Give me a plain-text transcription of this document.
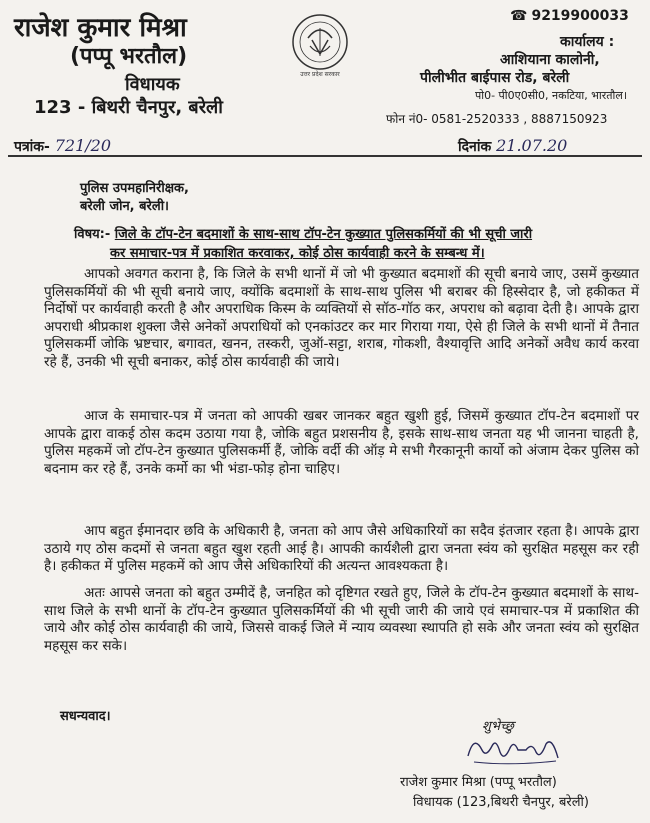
राजेश कुमार मिश्रा
(पप्पू भरतौल)
विधायक
123 - बिथरी चैनपुर, बरेली
उत्तर प्रदेश सरकार
☎ 9219900033
कार्यालय :
आशियाना कालोनी,
पीलीभीत बाईपास रोड, बरेली
पो0- पी0ए0सी0, नकटिया, भारतौल।
फोन नं0- 0581-2520333 , 8887150923
पत्रांक- 721/20	दिनांक 21.07.20
पुलिस उपमहानिरीक्षक,
बरेली जोन, बरेली।
विषय:- जिले के टॉप-टेन बदमाशों के साथ-साथ टॉप-टेन कुख्यात पुलिसकर्मियों की भी सूची जारी
कर समाचार-पत्र में प्रकाशित करवाकर, कोई ठोस कार्यवाही करने के सम्बन्ध में।

आपको अवगत कराना है, कि जिले के सभी थानों में जो भी कुख्यात बदमाशों की सूची बनाये जाए, उसमें कुख्यात पुलिसकर्मियों की भी सूची बनाये जाए, क्योंकि बदमाशों के साथ-साथ पुलिस भी बराबर की हिस्सेदार है, जो हकीकत में निर्दोषों पर कार्यवाही करती है और अपराधिक किस्म के व्यक्तियों से सॉठ-गॉठ कर, अपराध को बढ़ावा देती है। आपके द्वारा अपराधी श्रीप्रकाश शुक्ला जैसे अनेकों अपराधियों को एनकांउटर कर मार गिराया गया, ऐसे ही जिले के सभी थानों में तैनात पुलिसकर्मी जोकि भ्रष्टचार, बगावत, खनन, तस्करी, जुऑ-सट्टा, शराब, गोकशी, वैश्यावृत्ति आदि अनेकों अवैध कार्य करवा रहे हैं, उनकी भी सूची बनाकर, कोई ठोस कार्यवाही की जाये।

आज के समाचार-पत्र में जनता को आपकी खबर जानकर बहुत खुशी हुई, जिसमें कुख्यात टॉप-टेन बदमाशों पर आपके द्वारा वाकई ठोस कदम उठाया गया है, जोकि बहुत प्रशसनीय है, इसके साथ-साथ जनता यह भी जानना चाहती है, पुलिस महकमें जो टॉप-टेन कुख्यात पुलिसकर्मी हैं, जोकि वर्दी की ऑड़ मे सभी गैरकानूनी कार्यो को अंजाम देकर पुलिस को बदनाम कर रहे हैं, उनके कर्मो का भी भंडा-फोड़ होना चाहिए।

आप बहुत ईमानदार छवि के अधिकारी है, जनता को आप जैसे अधिकारियों का सदैव इंतजार रहता है। आपके द्वारा उठाये गए ठोस कदमों से जनता बहुत खुश रहती आई है। आपकी कार्यशैली द्वारा जनता स्वंय को सुरक्षित महसूस कर रही है। हकीकत में पुलिस महकमें को आप जैसे अधिकारियों की अत्यन्त आवश्यकता है।

अतः आपसे जनता को बहुत उम्मीदें है, जनहित को दृष्टिगत रखते हुए, जिले के टॉप-टेन कुख्यात बदमाशों के साथ-साथ जिले के सभी थानों के टॉप-टेन कुख्यात पुलिसकर्मियों की भी सूची जारी की जाये एवं समाचार-पत्र में प्रकाशित की जाये और कोई ठोस कार्यवाही की जाये, जिससे वाकई जिले में न्याय व्यवस्था स्थापति हो सके और जनता स्वंय को सुरक्षित महसूस कर सके।

सधन्यवाद।
शुभेच्छु
राजेश कुमार मिश्रा (पप्पू भरतौल)
विधायक (123,बिथरी चैनपुर, बरेली)
